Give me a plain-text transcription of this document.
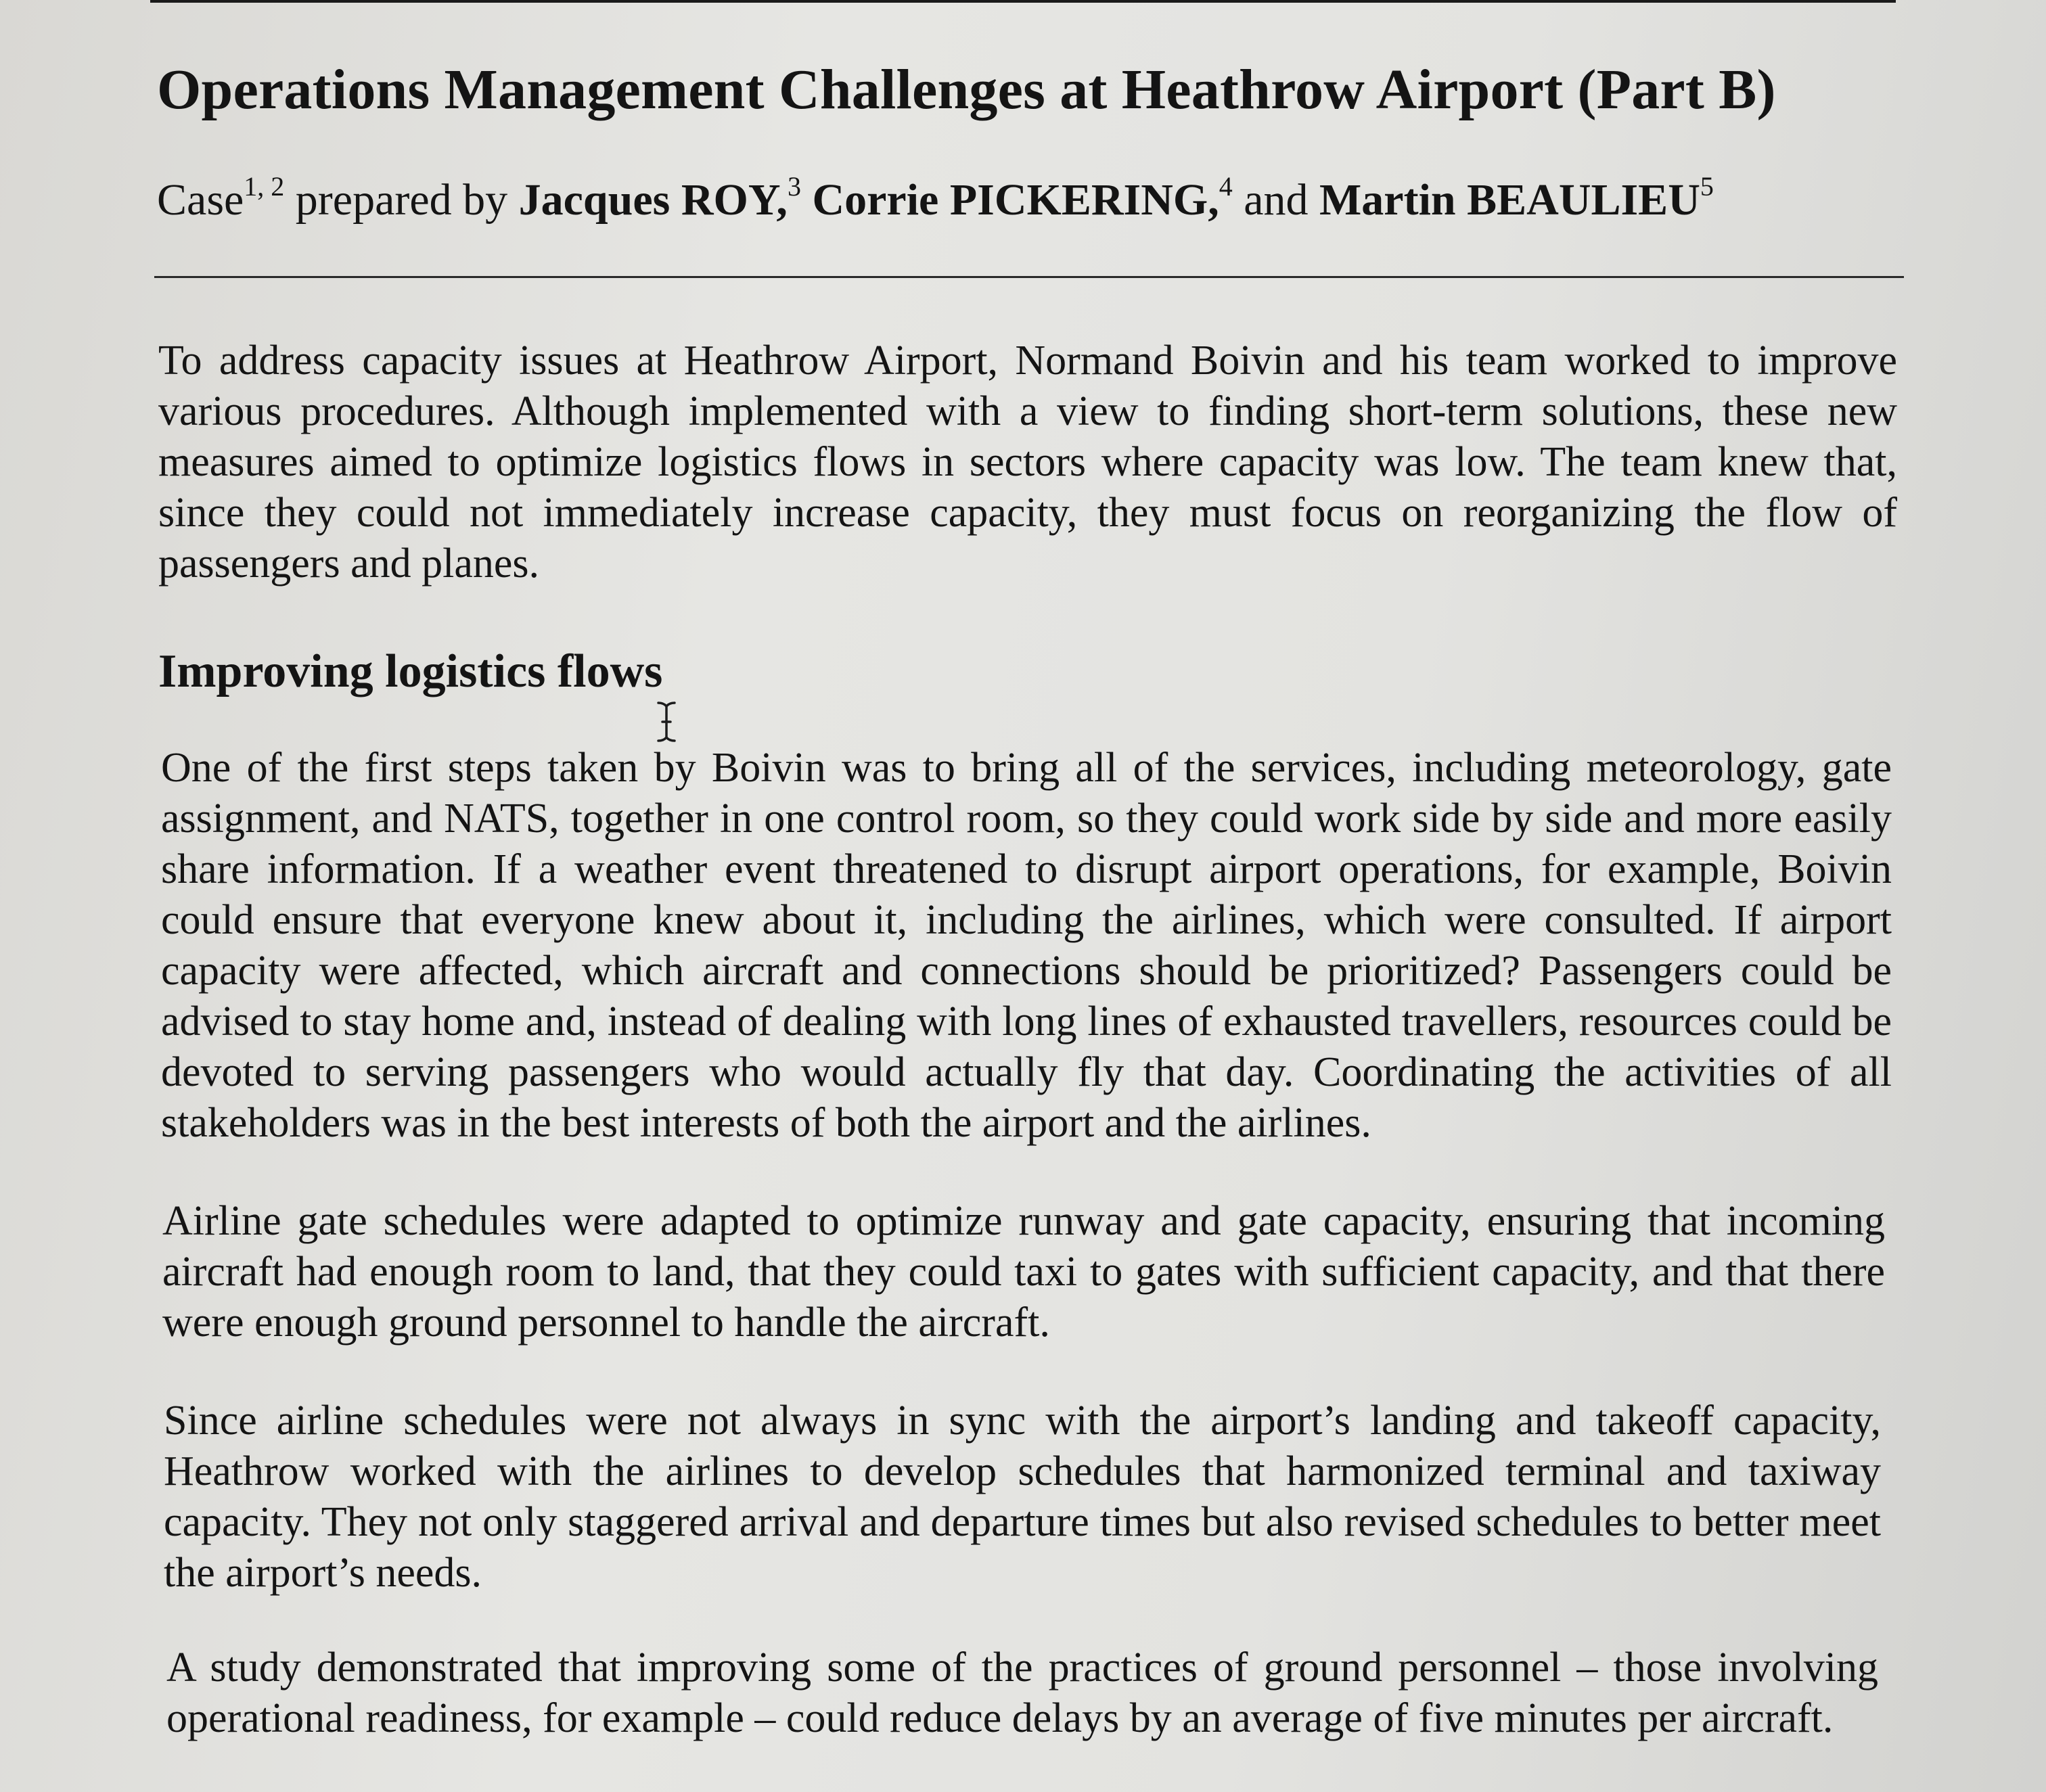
Operations Management Challenges at Heathrow Airport (Part B)
Case$^{1, 2}$ prepared by Jacques ROY,$^3$ Corrie PICKERING,$^4$ and Martin BEAULIEU$^5$

To address capacity issues at Heathrow Airport, Normand Boivin and his team worked to improve various procedures. Although implemented with a view to finding short-term solutions, these new measures aimed to optimize logistics flows in sectors where capacity was low. The team knew that, since they could not immediately increase capacity, they must focus on reorganizing the flow of passengers and planes.

Improving logistics flows

One of the first steps taken by Boivin was to bring all of the services, including meteorology, gate assignment, and NATS, together in one control room, so they could work side by side and more easily share information. If a weather event threatened to disrupt airport operations, for example, Boivin could ensure that everyone knew about it, including the airlines, which were consulted. If airport capacity were affected, which aircraft and connections should be prioritized? Passengers could be advised to stay home and, instead of dealing with long lines of exhausted travellers, resources could be devoted to serving passengers who would actually fly that day. Coordinating the activities of all stakeholders was in the best interests of both the airport and the airlines.

Airline gate schedules were adapted to optimize runway and gate capacity, ensuring that incoming aircraft had enough room to land, that they could taxi to gates with sufficient capacity, and that there were enough ground personnel to handle the aircraft.

Since airline schedules were not always in sync with the airport’s landing and takeoff capacity, Heathrow worked with the airlines to develop schedules that harmonized terminal and taxiway capacity. They not only staggered arrival and departure times but also revised schedules to better meet the airport’s needs.

A study demonstrated that improving some of the practices of ground personnel – those involving operational readiness, for example – could reduce delays by an average of five minutes per aircraft.
